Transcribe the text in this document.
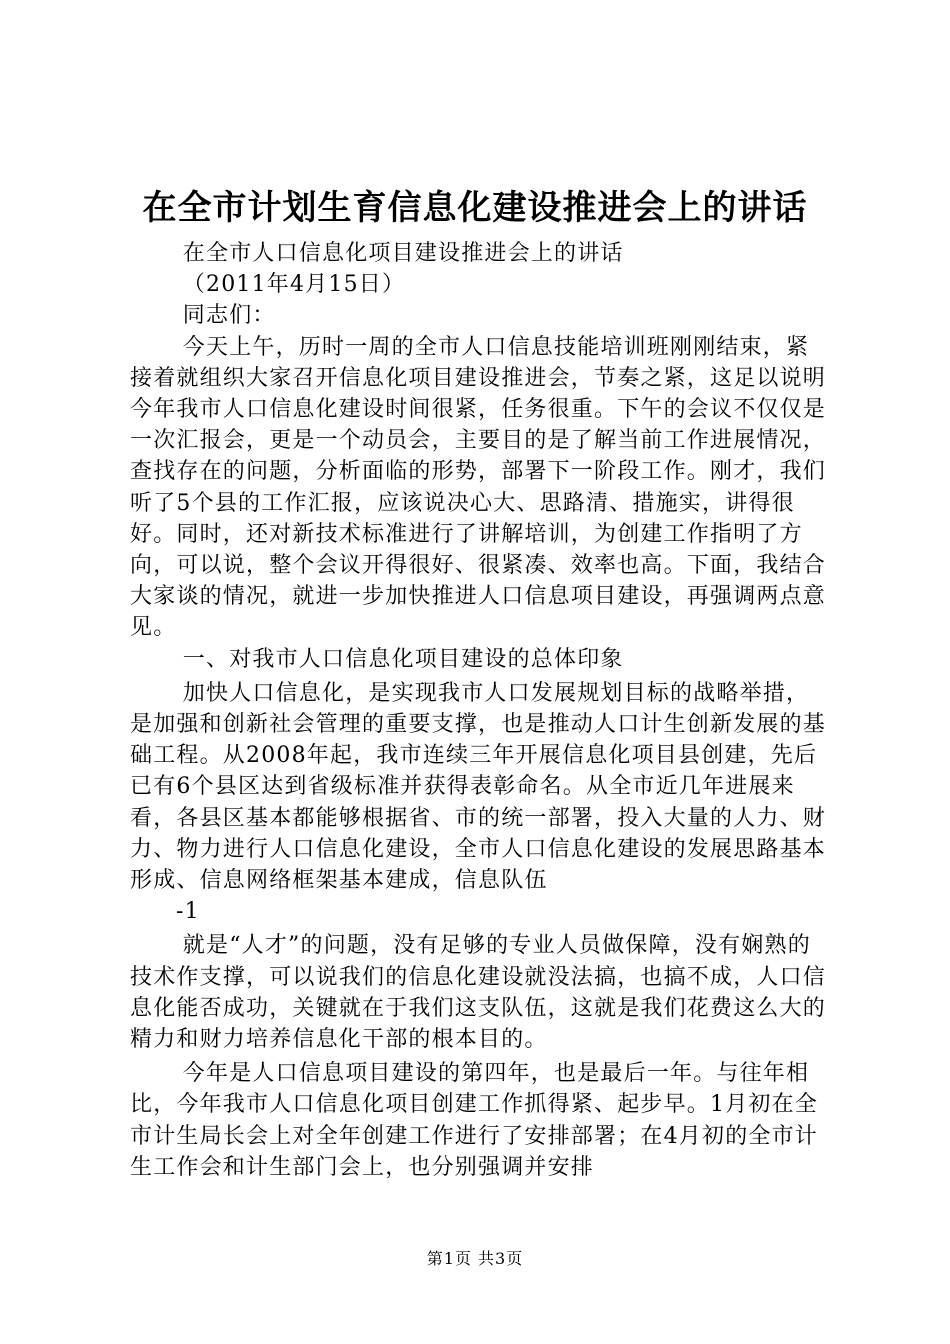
在全市计划生育信息化建设推进会上的讲话

在全市人口信息化项目建设推进会上的讲话

（2011年4月15日）

同志们：

今天上午，历时一周的全市人口信息技能培训班刚刚结束，紧接着就组织大家召开信息化项目建设推进会，节奏之紧，这足以说明今年我市人口信息化建设时间很紧，任务很重。下午的会议不仅仅是一次汇报会，更是一个动员会，主要目的是了解当前工作进展情况，查找存在的问题，分析面临的形势，部署下一阶段工作。刚才，我们听了5个县的工作汇报，应该说决心大、思路清、措施实，讲得很好。同时，还对新技术标准进行了讲解培训，为创建工作指明了方向，可以说，整个会议开得很好、很紧凑、效率也高。下面，我结合大家谈的情况，就进一步加快推进人口信息项目建设，再强调两点意见。

一、对我市人口信息化项目建设的总体印象

加快人口信息化，是实现我市人口发展规划目标的战略举措，是加强和创新社会管理的重要支撑，也是推动人口计生创新发展的基础工程。从2008年起，我市连续三年开展信息化项目县创建，先后已有6个县区达到省级标准并获得表彰命名。从全市近几年进展来看，各县区基本都能够根据省、市的统一部署，投入大量的人力、财力、物力进行人口信息化建设，全市人口信息化建设的发展思路基本形成、信息网络框架基本建成，信息队伍

-1

就是“人才”的问题，没有足够的专业人员做保障，没有娴熟的技术作支撑，可以说我们的信息化建设就没法搞，也搞不成，人口信息化能否成功，关键就在于我们这支队伍，这就是我们花费这么大的精力和财力培养信息化干部的根本目的。

今年是人口信息项目建设的第四年，也是最后一年。与往年相比，今年我市人口信息化项目创建工作抓得紧、起步早。1月初在全市计生局长会上对全年创建工作进行了安排部署；在4月初的全市计生工作会和计生部门会上，也分别强调并安排

第1页 共3页
